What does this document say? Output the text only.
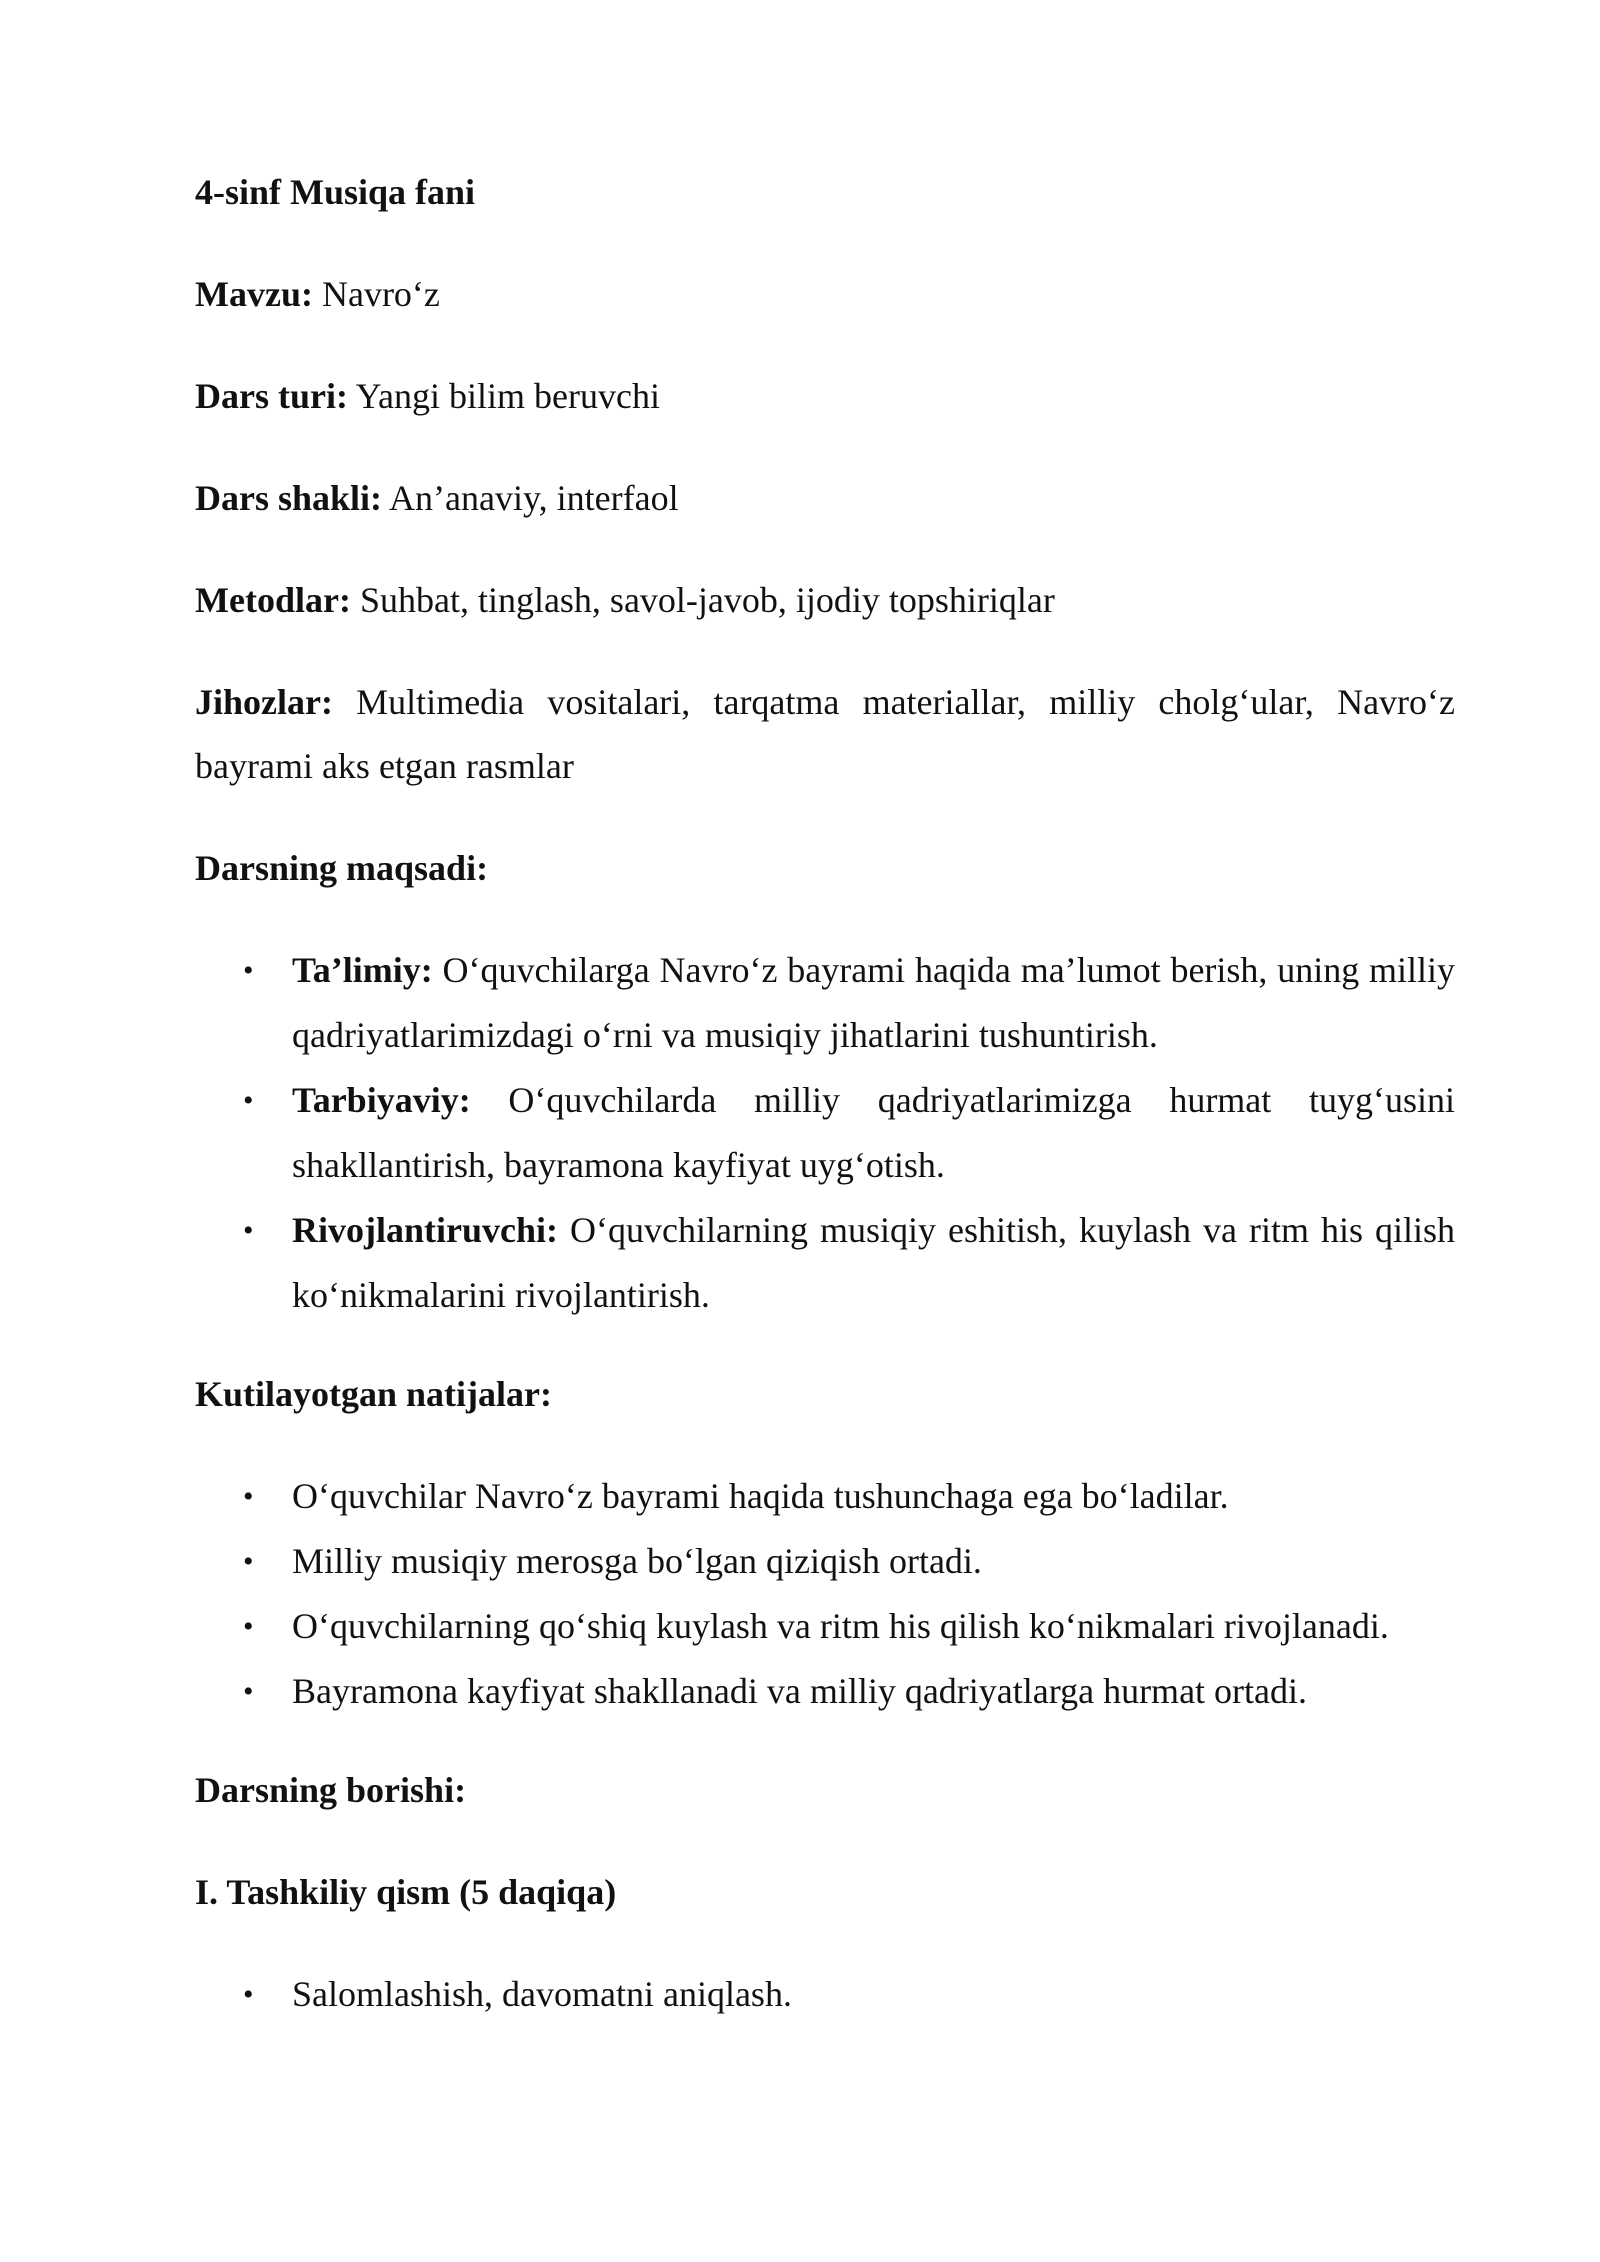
4-sinf Musiqa fani

Mavzu: Navro‘z

Dars turi: Yangi bilim beruvchi

Dars shakli: An’anaviy, interfaol

Metodlar: Suhbat, tinglash, savol-javob, ijodiy topshiriqlar

Jihozlar: Multimedia vositalari, tarqatma materiallar, milliy cholg‘ular, Navro‘z bayrami aks etgan rasmlar

Darsning maqsadi:

• Ta’limiy: O‘quvchilarga Navro‘z bayrami haqida ma’lumot berish, uning milliy qadriyatlarimizdagi o‘rni va musiqiy jihatlarini tushuntirish.
• Tarbiyaviy: O‘quvchilarda milliy qadriyatlarimizga hurmat tuyg‘usini shakllantirish, bayramona kayfiyat uyg‘otish.
• Rivojlantiruvchi: O‘quvchilarning musiqiy eshitish, kuylash va ritm his qilish ko‘nikmalarini rivojlantirish.

Kutilayotgan natijalar:

• O‘quvchilar Navro‘z bayrami haqida tushunchaga ega bo‘ladilar.
• Milliy musiqiy merosga bo‘lgan qiziqish ortadi.
• O‘quvchilarning qo‘shiq kuylash va ritm his qilish ko‘nikmalari rivojlanadi.
• Bayramona kayfiyat shakllanadi va milliy qadriyatlarga hurmat ortadi.

Darsning borishi:

I. Tashkiliy qism (5 daqiqa)

• Salomlashish, davomatni aniqlash.
